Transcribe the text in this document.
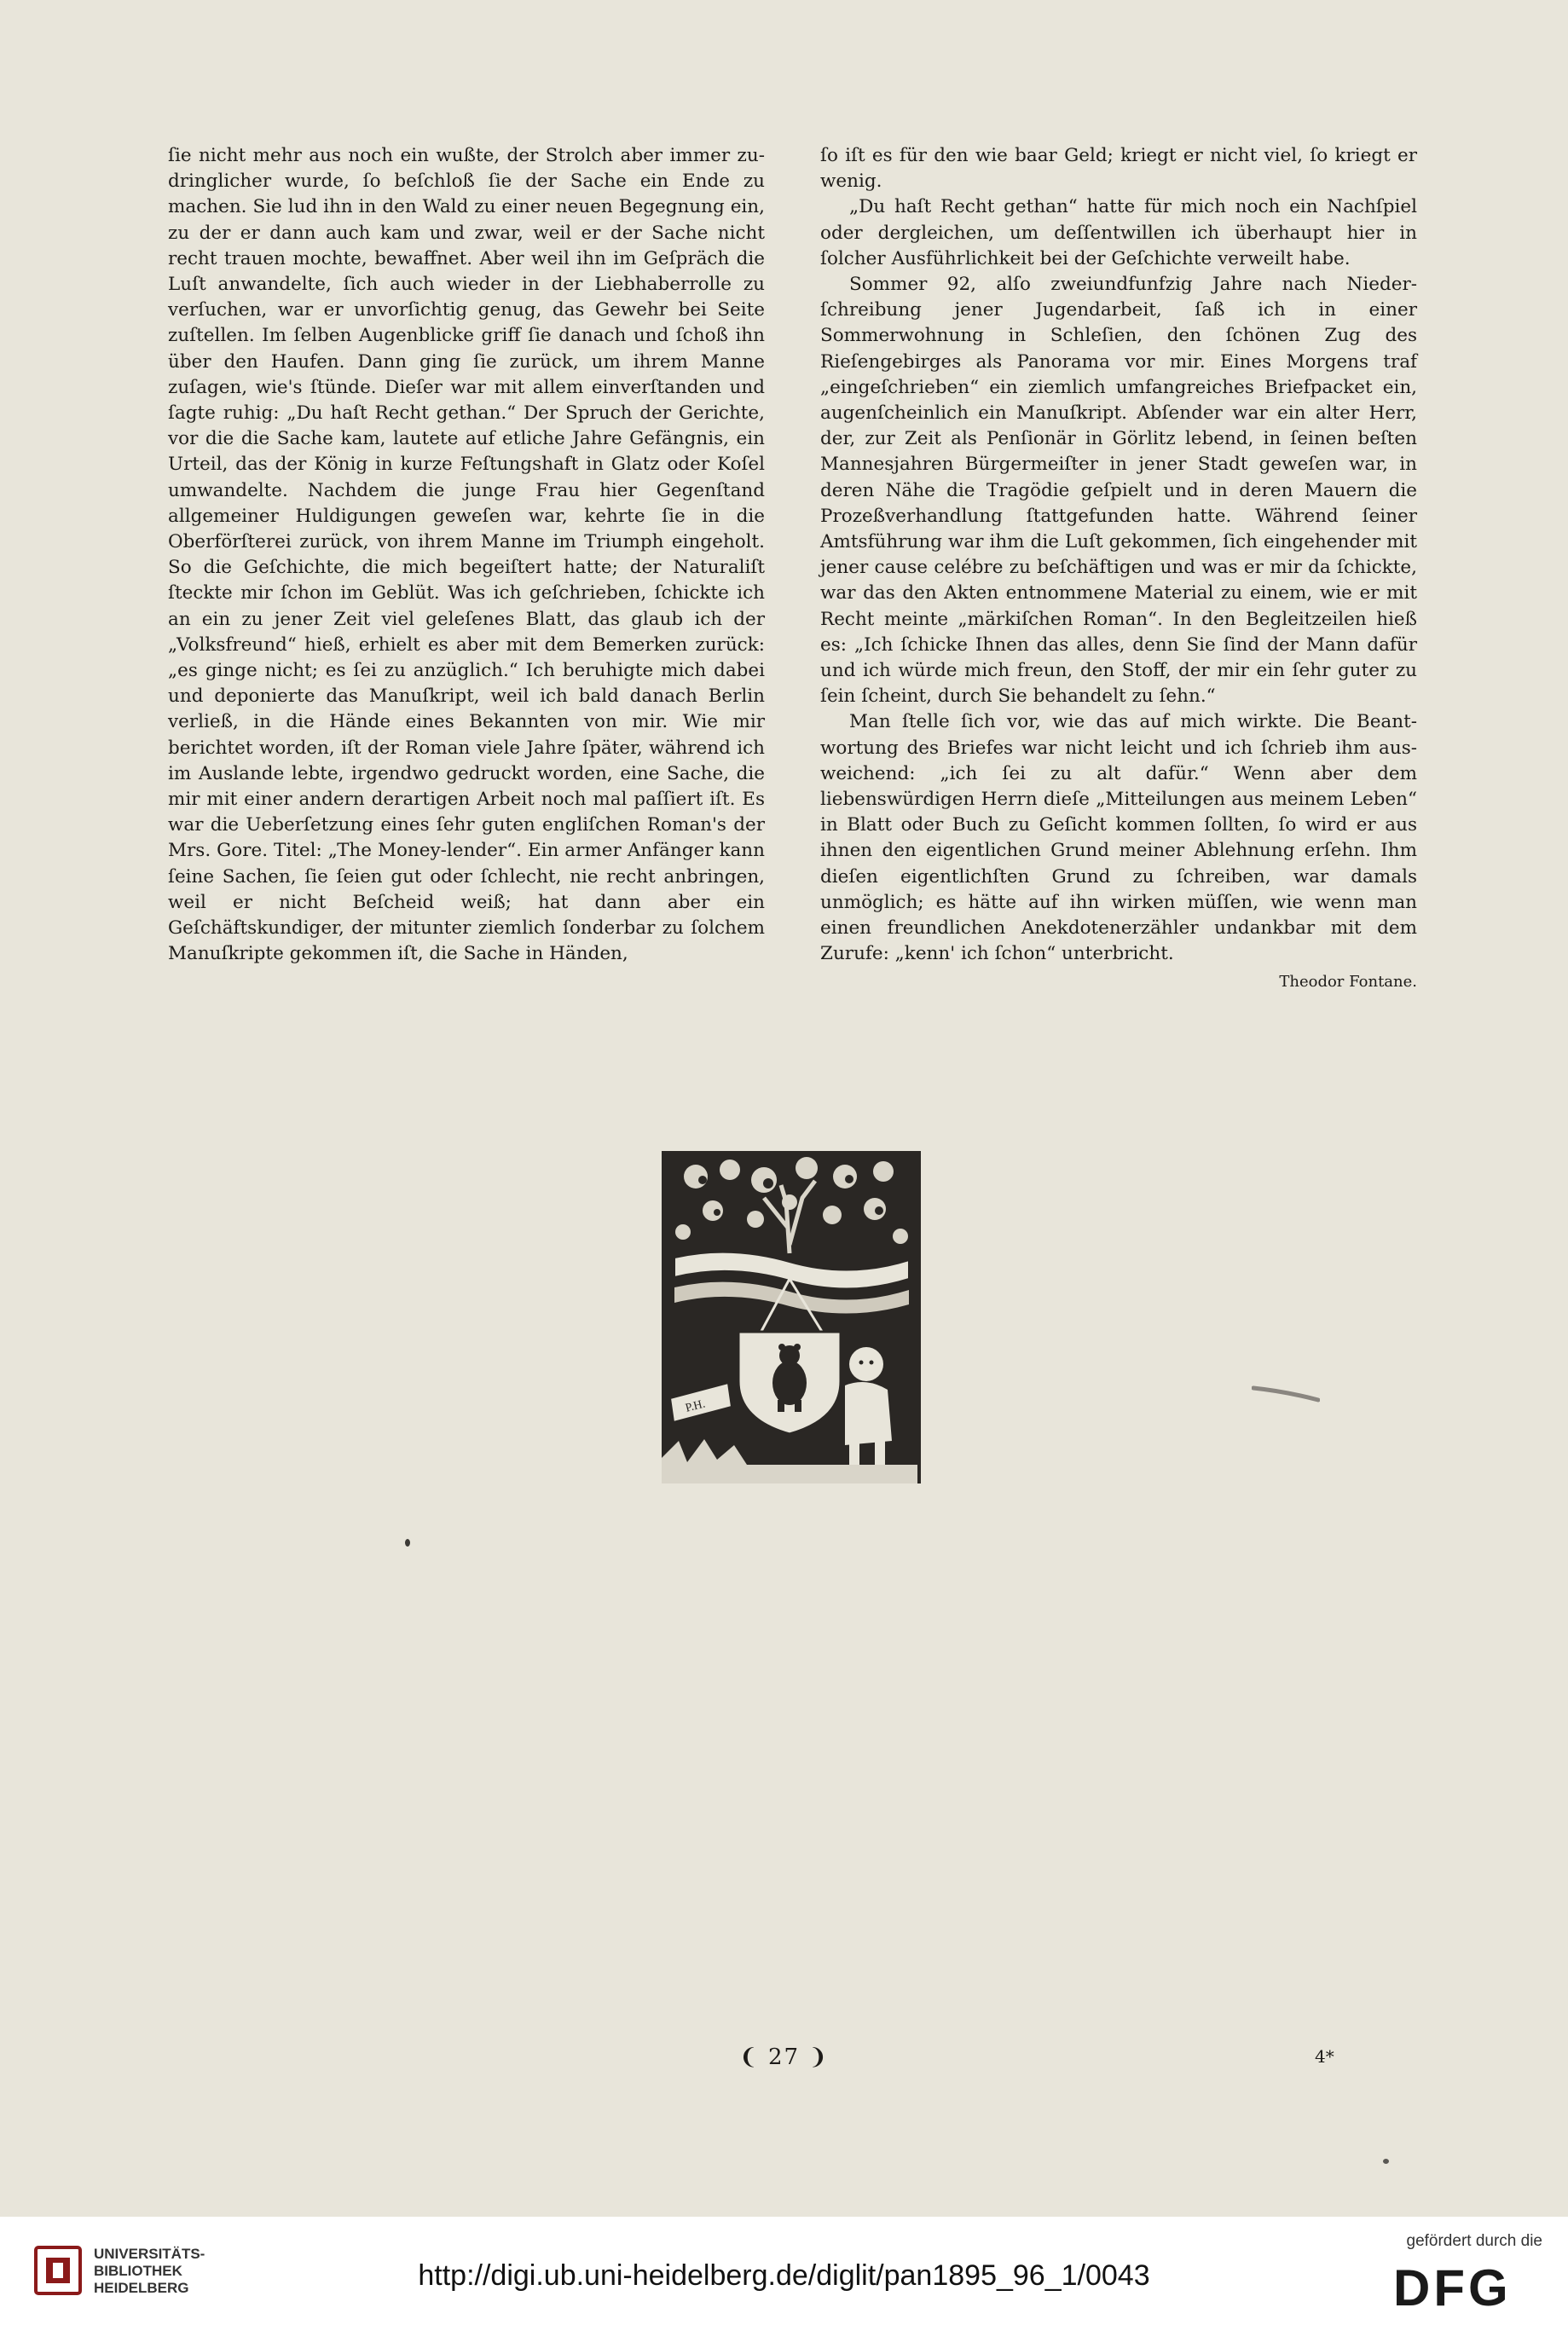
ſie nicht mehr aus noch ein wußte, der Strolch aber immer zudringlicher wurde, ſo beſchloß ſie der Sache ein Ende zu machen. Sie lud ihn in den Wald zu einer neuen Begegnung ein, zu der er dann auch kam und zwar, weil er der Sache nicht recht trauen mochte, bewaffnet. Aber weil ihn im Geſpräch die Luſt anwandelte, ſich auch wieder in der Liebhaberrolle zu verſuchen, war er unvorſichtig genug, das Gewehr bei Seite zuſtellen. Im ſelben Augenblicke griff ſie danach und ſchoß ihn über den Haufen. Dann ging ſie zurück, um ihrem Manne zuſagen, wie's ſtünde. Dieſer war mit allem einverſtanden und ſagte ruhig: „Du haſt Recht gethan.“ Der Spruch der Gerichte, vor die die Sache kam, lautete auf etliche Jahre Gefängnis, ein Urteil, das der König in kurze Feſtungshaft in Glatz oder Koſel umwandelte. Nachdem die junge Frau hier Gegenſtand allgemeiner Huldigungen geweſen war, kehrte ſie in die Oberförſterei zurück, von ihrem Manne im Triumph eingeholt. So die Geſchichte, die mich begeiſtert hatte; der Naturaliſt ſteckte mir ſchon im Geblüt. Was ich geſchrieben, ſchickte ich an ein zu jener Zeit viel geleſenes Blatt, das glaub ich der „Volksfreund“ hieß, erhielt es aber mit dem Bemerken zurück: „es ginge nicht; es ſei zu anzüglich.“ Ich beruhigte mich dabei und deponierte das Manuſkript, weil ich bald danach Berlin verließ, in die Hände eines Bekannten von mir. Wie mir berichtet worden, iſt der Roman viele Jahre ſpäter, während ich im Auslande lebte, irgendwo gedruckt worden, eine Sache, die mir mit einer andern derartigen Arbeit noch mal paſſiert iſt. Es war die Ueberſetzung eines ſehr guten engliſchen Roman's der Mrs. Gore. Titel: „The Money-lender“. Ein armer Anfänger kann ſeine Sachen, ſie ſeien gut oder ſchlecht, nie recht anbringen, weil er nicht Beſcheid weiß; hat dann aber ein Geſchäftskundiger, der mitunter ziemlich ſonderbar zu ſolchem Manuſkripte gekommen iſt, die Sache in Händen,

ſo iſt es für den wie baar Geld; kriegt er nicht viel, ſo kriegt er wenig.

„Du haſt Recht gethan“ hatte für mich noch ein Nachſpiel oder dergleichen, um deſſentwillen ich überhaupt hier in ſolcher Ausführlichkeit bei der Geſchichte verweilt habe.

Sommer 92, alſo zweiundfunfzig Jahre nach Niederſchreibung jener Jugendarbeit, ſaß ich in einer Sommerwohnung in Schleſien, den ſchönen Zug des Rieſengebirges als Panorama vor mir. Eines Morgens traf „eingeſchrieben“ ein ziemlich umfangreiches Briefpacket ein, augenſcheinlich ein Manuſkript. Abſender war ein alter Herr, der, zur Zeit als Penſionär in Görlitz lebend, in ſeinen beſten Mannesjahren Bürgermeiſter in jener Stadt geweſen war, in deren Nähe die Tragödie geſpielt und in deren Mauern die Prozeßverhandlung ſtattgefunden hatte. Während ſeiner Amtsführung war ihm die Luſt gekommen, ſich eingehender mit jener cause celébre zu beſchäftigen und was er mir da ſchickte, war das den Akten entnommene Material zu einem, wie er mit Recht meinte „märkiſchen Roman“. In den Begleitzeilen hieß es: „Ich ſchicke Ihnen das alles, denn Sie ſind der Mann dafür und ich würde mich freun, den Stoff, der mir ein ſehr guter zu ſein ſcheint, durch Sie behandelt zu ſehn.“

Man ſtelle ſich vor, wie das auf mich wirkte. Die Beantwortung des Briefes war nicht leicht und ich ſchrieb ihm ausweichend: „ich ſei zu alt dafür.“ Wenn aber dem liebenswürdigen Herrn dieſe „Mitteilungen aus meinem Leben“ in Blatt oder Buch zu Geſicht kommen ſollten, ſo wird er aus ihnen den eigentlichen Grund meiner Ablehnung erſehn. Ihm dieſen eigentlichſten Grund zu ſchreiben, war damals unmöglich; es hätte auf ihn wirken müſſen, wie wenn man einen freundlichen Anekdotenerzähler undankbar mit dem Zurufe: „kenn' ich ſchon“ unterbricht.

Theodor Fontane.
P.H.
❨ 27 ❩	4*
UNIVERSITÄTS-
BIBLIOTHEK
HEIDELBERG	http://digi.ub.uni-heidelberg.de/diglit/pan1895_96_1/0043
gefördert durch die
DFG
